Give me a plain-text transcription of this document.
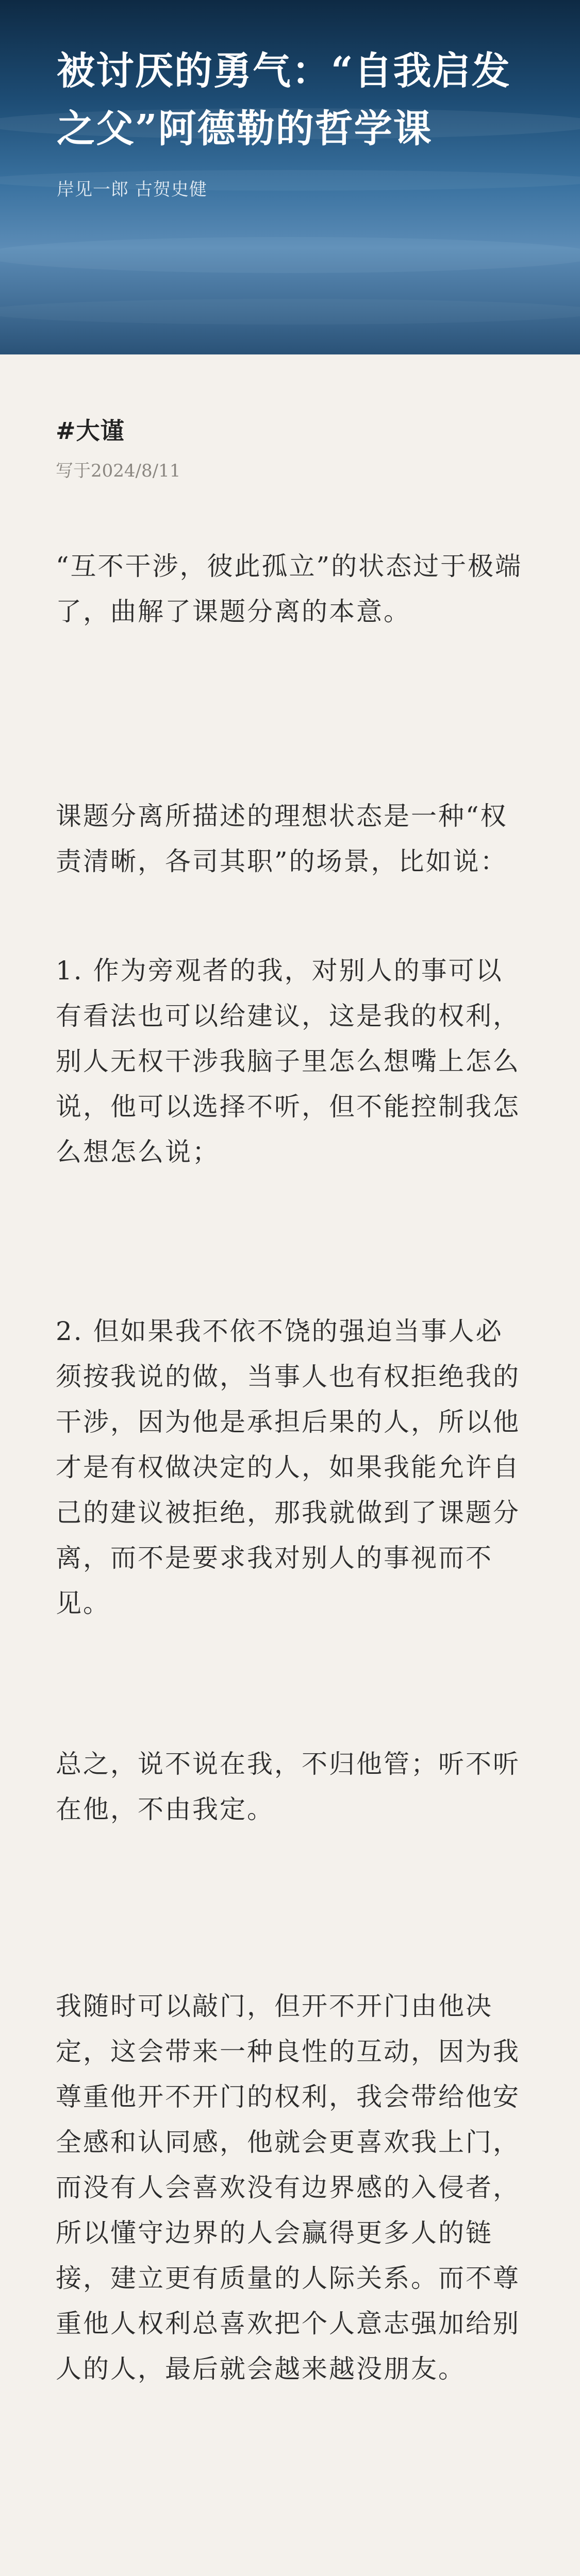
被讨厌的勇气：“自我启发之父”阿德勒的哲学课
岸见一郎 古贺史健
#大谨
写于2024/8/11

“互不干涉，彼此孤立”的状态过于极端了，曲解了课题分离的本意。

课题分离所描述的理想状态是一种“权责清晰，各司其职”的场景，比如说：

1. 作为旁观者的我，对别人的事可以有看法也可以给建议，这是我的权利，别人无权干涉我脑子里怎么想嘴上怎么说，他可以选择不听，但不能控制我怎么想怎么说；

2. 但如果我不依不饶的强迫当事人必须按我说的做，当事人也有权拒绝我的干涉，因为他是承担后果的人，所以他才是有权做决定的人，如果我能允许自己的建议被拒绝，那我就做到了课题分离，而不是要求我对别人的事视而不见。

总之，说不说在我，不归他管；听不听在他，不由我定。

我随时可以敲门，但开不开门由他决定，这会带来一种良性的互动，因为我尊重他开不开门的权利，我会带给他安全感和认同感，他就会更喜欢我上门，而没有人会喜欢没有边界感的入侵者，所以懂守边界的人会赢得更多人的链接，建立更有质量的人际关系。而不尊重他人权利总喜欢把个人意志强加给别人的人，最后就会越来越没朋友。
